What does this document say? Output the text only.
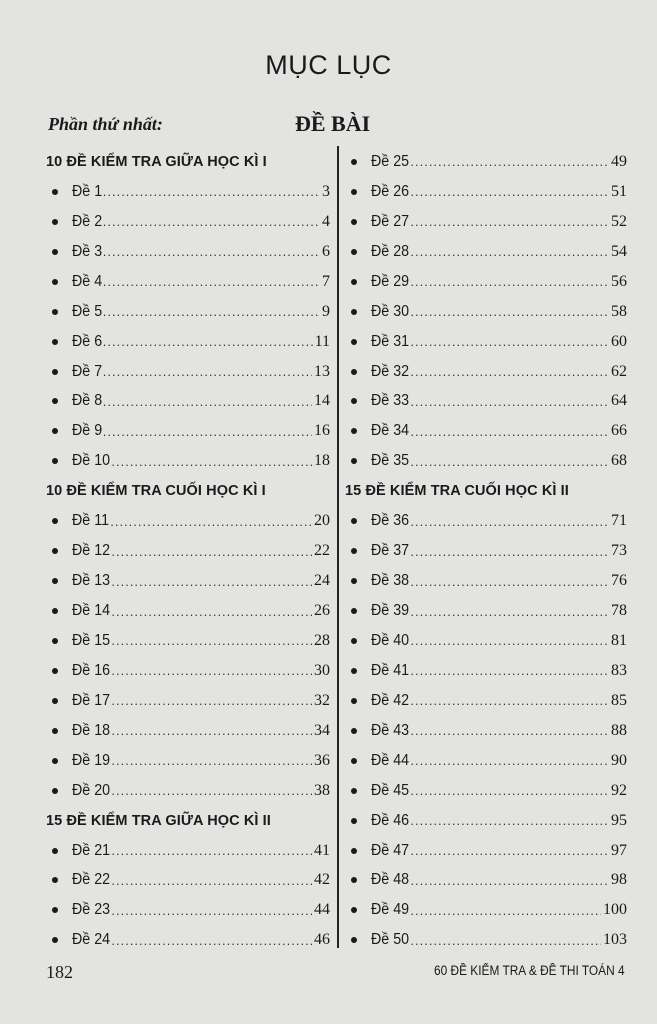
MỤC LỤC
Phần thứ nhất:	ĐỀ BÀI
10 ĐỀ KIỂM TRA GIỮA HỌC KÌ I
Đề 1 .....	3
Đề 2 .....	4
Đề 3 .....	6
Đề 4 .....	7
Đề 5 .....	9
Đề 6 .....	11
Đề 7 .....	13
Đề 8 .....	14
Đề 9 .....	16
Đề 10 .....	18
10 ĐỀ KIỂM TRA CUỐI HỌC KÌ I
Đề 11 .....	20
Đề 12 .....	22
Đề 13 .....	24
Đề 14 .....	26
Đề 15 .....	28
Đề 16 .....	30
Đề 17 .....	32
Đề 18 .....	34
Đề 19 .....	36
Đề 20 .....	38
15 ĐỀ KIỂM TRA GIỮA HỌC KÌ II
Đề 21 .....	41
Đề 22 .....	42
Đề 23 .....	44
Đề 24 .....	46
Đề 25 .....	49
Đề 26 .....	51
Đề 27 .....	52
Đề 28 .....	54
Đề 29 .....	56
Đề 30 .....	58
Đề 31 .....	60
Đề 32 .....	62
Đề 33 .....	64
Đề 34 .....	66
Đề 35 .....	68
15 ĐỀ KIỂM TRA CUỐI HỌC KÌ II
Đề 36 .....	71
Đề 37 .....	73
Đề 38 .....	76
Đề 39 .....	78
Đề 40 .....	81
Đề 41 .....	83
Đề 42 .....	85
Đề 43 .....	88
Đề 44 .....	90
Đề 45 .....	92
Đề 46 .....	95
Đề 47 .....	97
Đề 48 .....	98
Đề 49 .....	100
Đề 50 .....	103
182	60 ĐỀ KIỂM TRA & ĐỀ THI TOÁN 4
